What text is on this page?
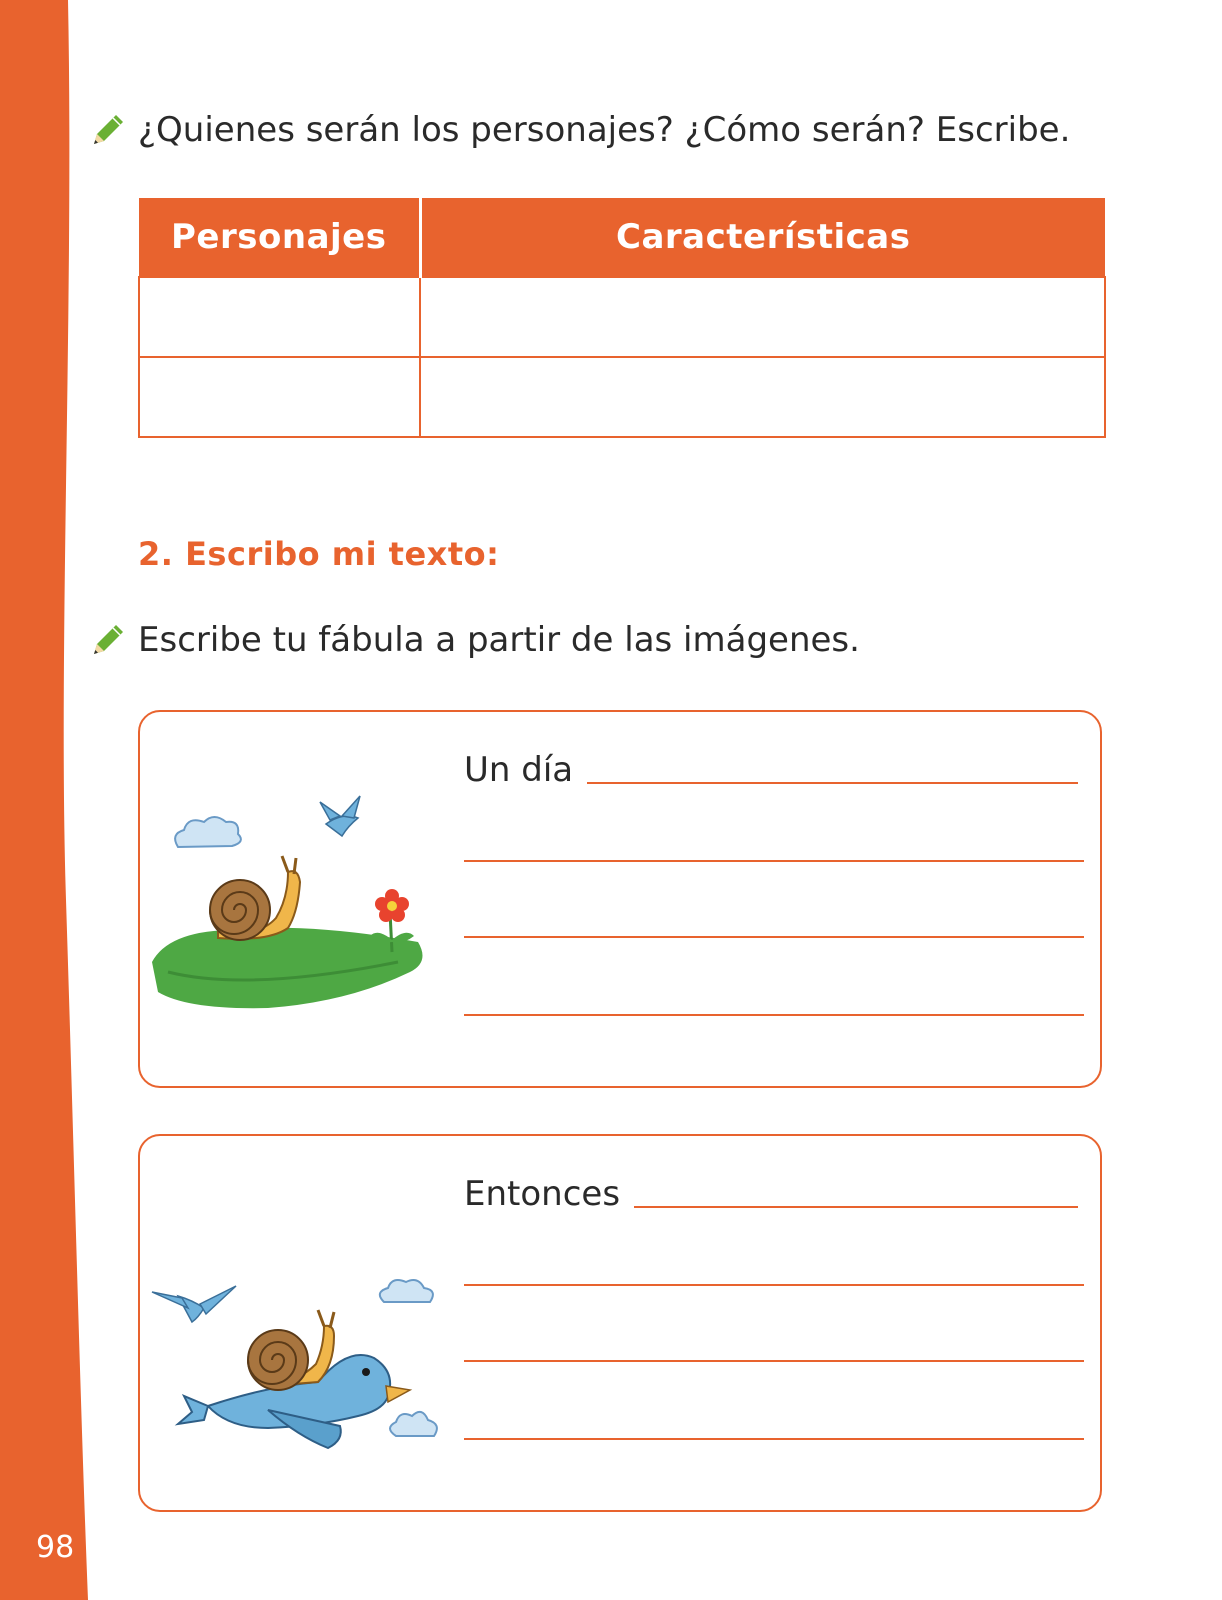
98
¿Quienes serán los personajes? ¿Cómo serán? Escribe.
Personajes	Características

2. Escribo mi texto:
Escribe tu fábula a partir de las imágenes.
Un día
Entonces
